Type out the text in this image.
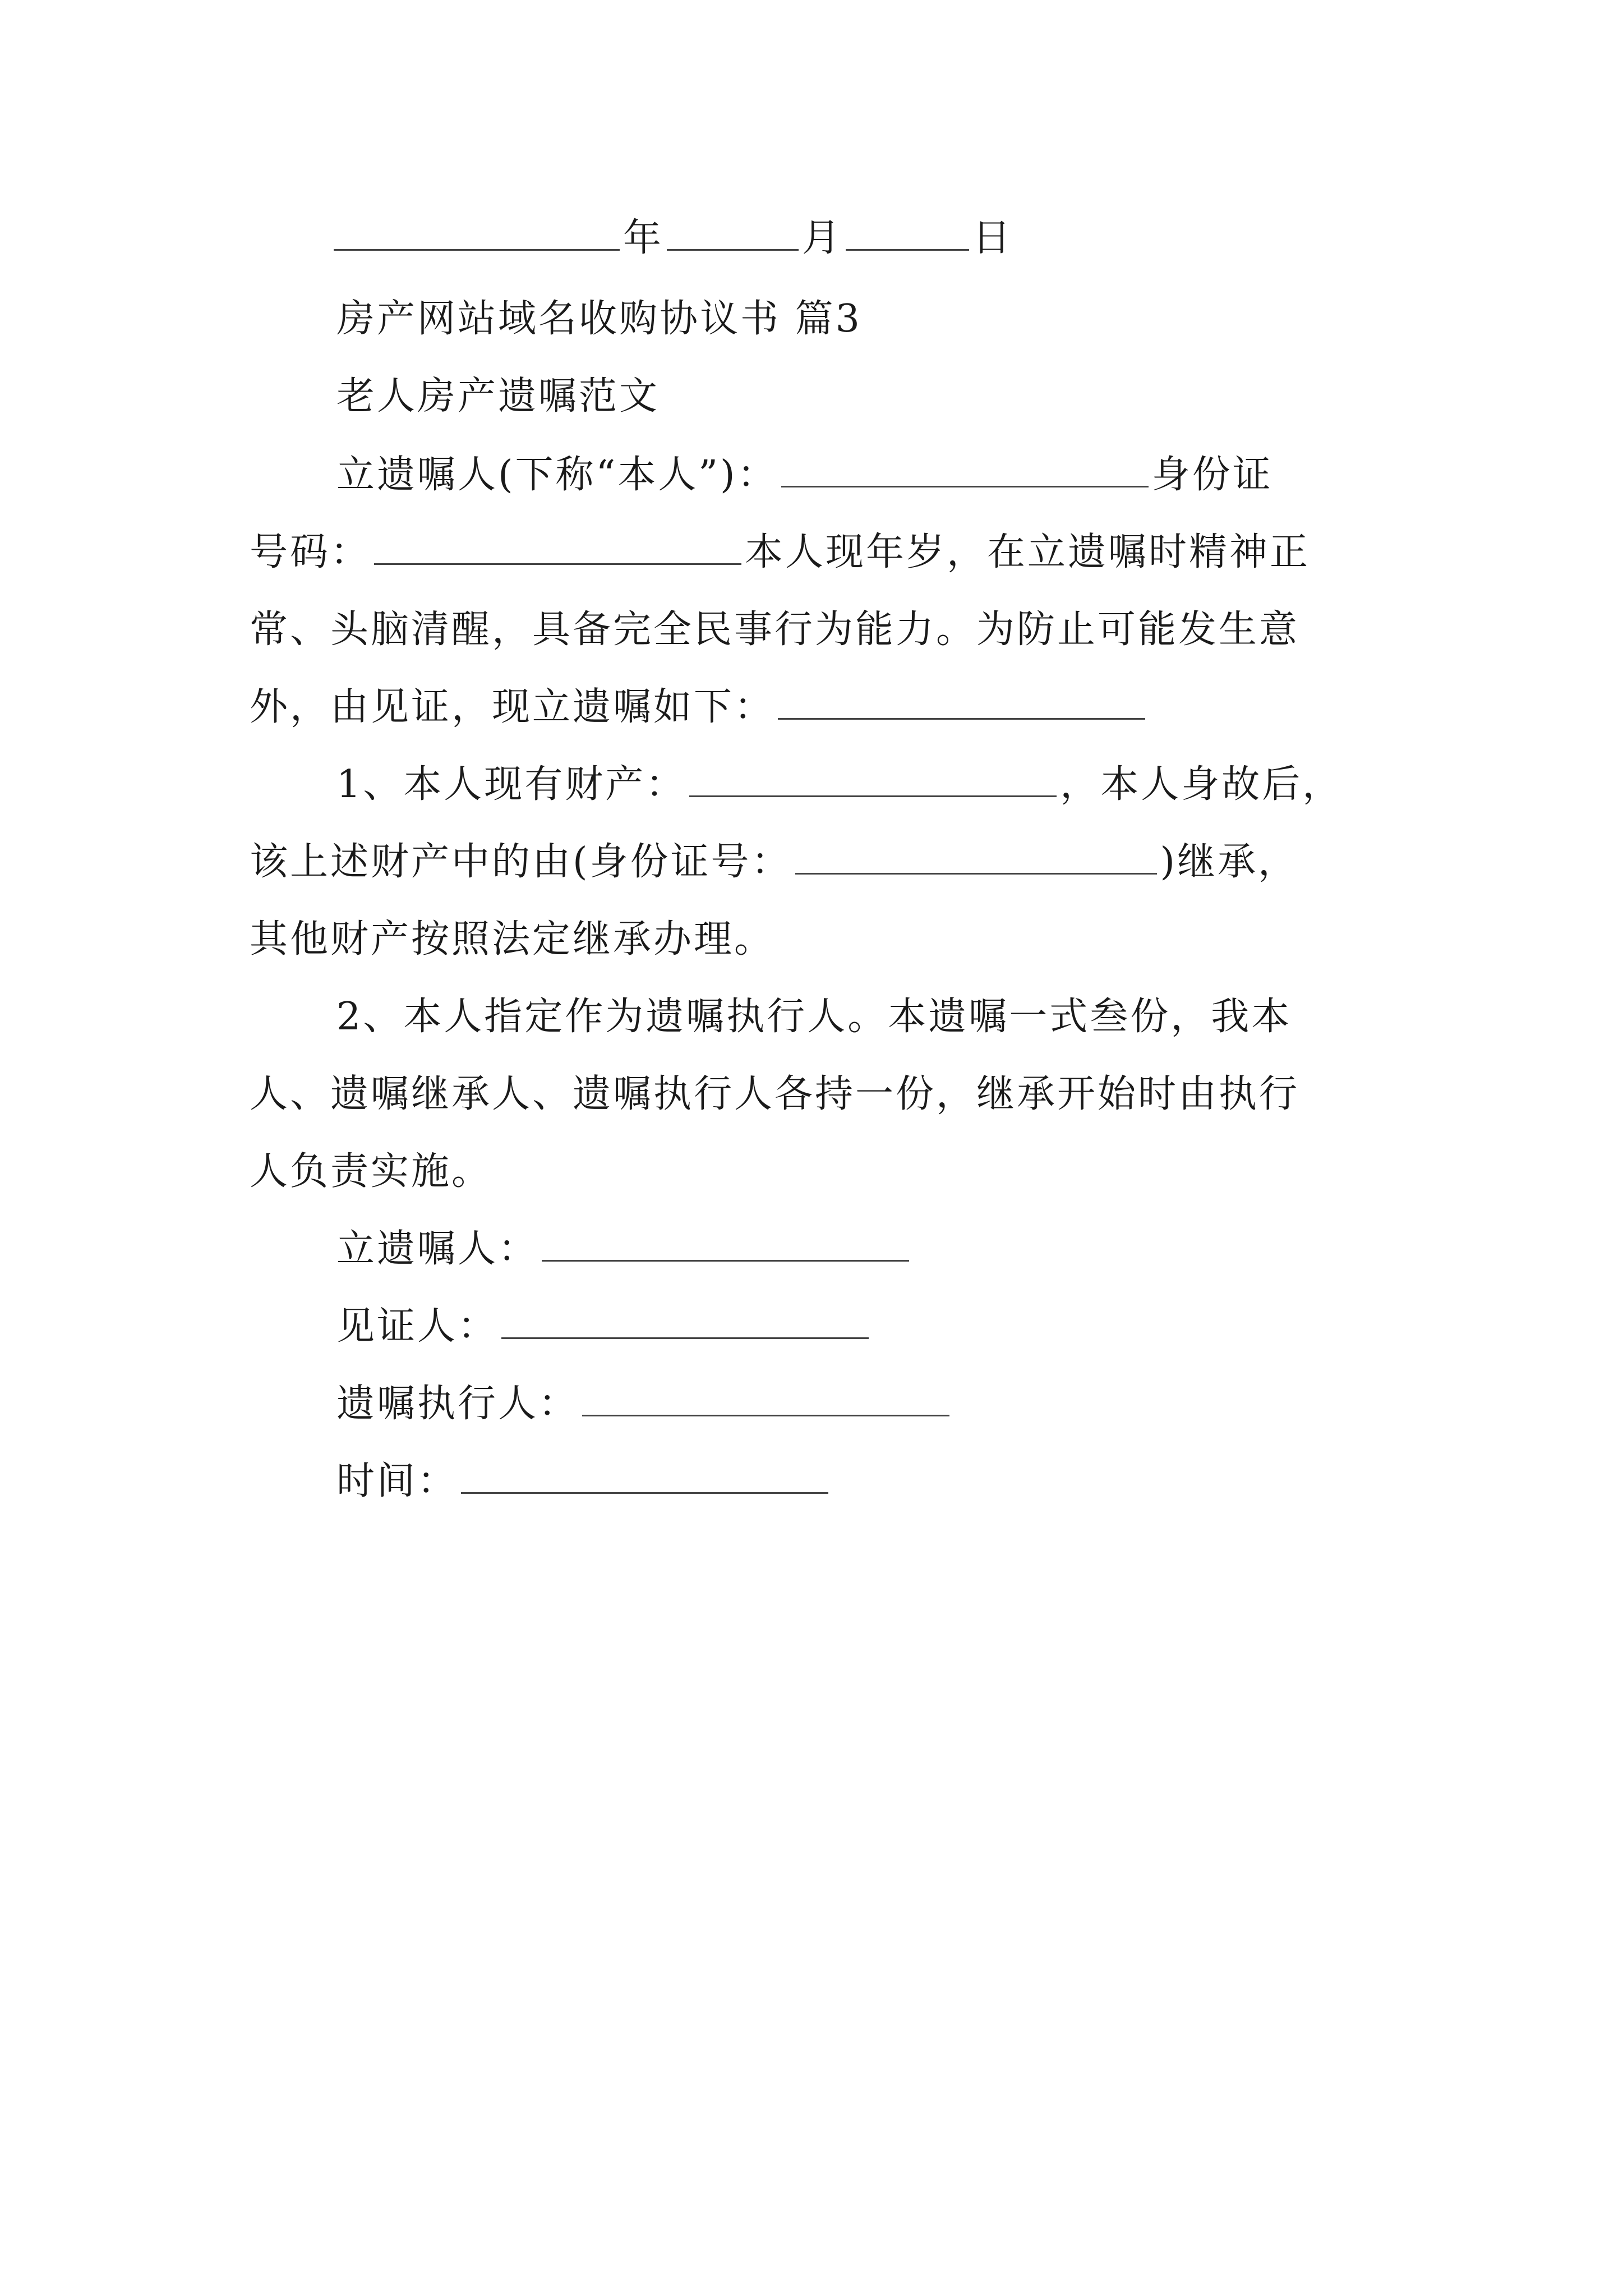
年	月	日
房产网站域名收购协议书 篇3
老人房产遗嘱范文
立遗嘱人(下称“本人”)：	身份证
号码：	本人现年岁，在立遗嘱时精神正
常、头脑清醒，具备完全民事行为能力。为防止可能发生意
外，由见证，现立遗嘱如下：
1、本人现有财产：	，本人身故后，
该上述财产中的由(身份证号：	)继承，
其他财产按照法定继承办理。
2、本人指定作为遗嘱执行人。本遗嘱一式叁份，我本
人、遗嘱继承人、遗嘱执行人各持一份，继承开始时由执行
人负责实施。
立遗嘱人：
见证人：
遗嘱执行人：
时间：
